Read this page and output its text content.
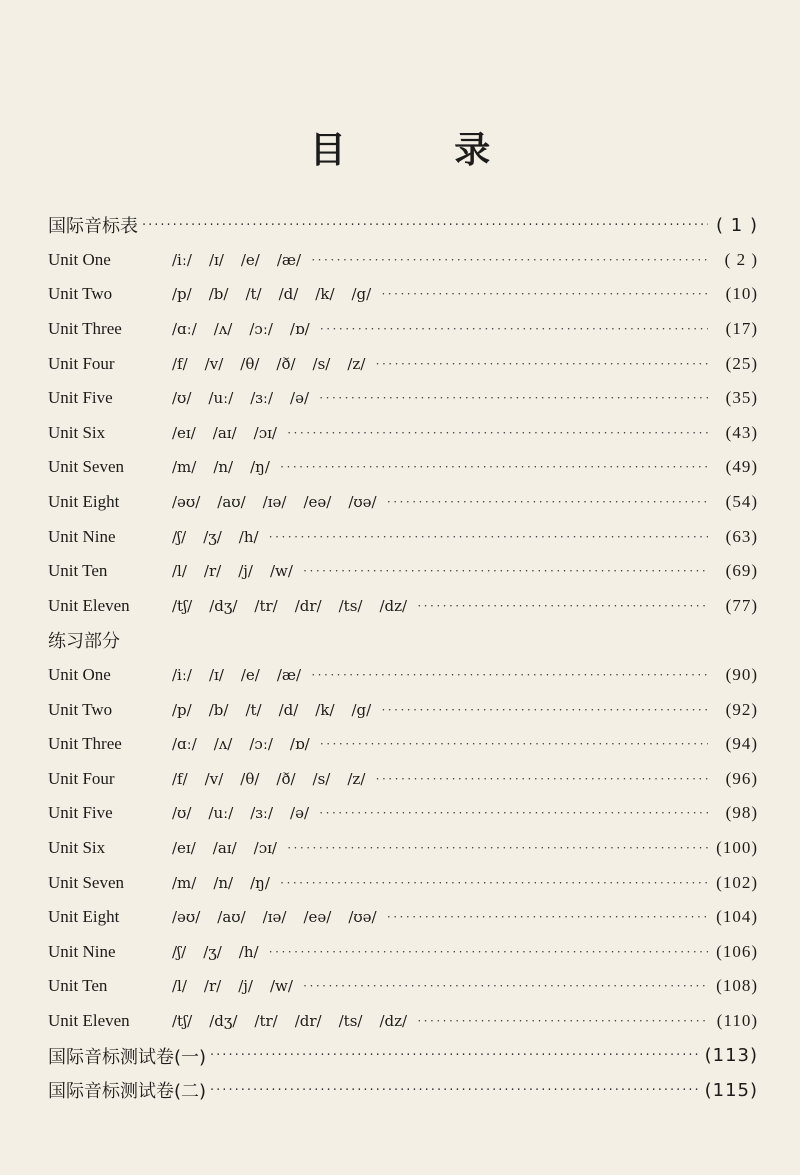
目 录
国际音标表 ·····	( 1 )
Unit One	/iː/ /ɪ/ /e/ /æ/ ·····	( 2 )
Unit Two	/p/ /b/ /t/ /d/ /k/ /g/ ·····	(10)
Unit Three	/ɑː/ /ʌ/ /ɔː/ /ɒ/ ·····	(17)
Unit Four	/f/ /v/ /θ/ /ð/ /s/ /z/ ·····	(25)
Unit Five	/ʊ/ /uː/ /ɜː/ /ə/ ·····	(35)
Unit Six	/eɪ/ /aɪ/ /ɔɪ/ ·····	(43)
Unit Seven	/m/ /n/ /ŋ/ ·····	(49)
Unit Eight	/əʊ/ /aʊ/ /ɪə/ /eə/ /ʊə/ ·····	(54)
Unit Nine	/ʃ/ /ʒ/ /h/ ·····	(63)
Unit Ten	/l/ /r/ /j/ /w/ ·····	(69)
Unit Eleven	/tʃ/ /dʒ/ /tr/ /dr/ /ts/ /dz/ ·····	(77)
练习部分
Unit One	/iː/ /ɪ/ /e/ /æ/ ·····	(90)
Unit Two	/p/ /b/ /t/ /d/ /k/ /g/ ·····	(92)
Unit Three	/ɑː/ /ʌ/ /ɔː/ /ɒ/ ·····	(94)
Unit Four	/f/ /v/ /θ/ /ð/ /s/ /z/ ·····	(96)
Unit Five	/ʊ/ /uː/ /ɜː/ /ə/ ·····	(98)
Unit Six	/eɪ/ /aɪ/ /ɔɪ/ ·····	(100)
Unit Seven	/m/ /n/ /ŋ/ ·····	(102)
Unit Eight	/əʊ/ /aʊ/ /ɪə/ /eə/ /ʊə/ ·····	(104)
Unit Nine	/ʃ/ /ʒ/ /h/ ·····	(106)
Unit Ten	/l/ /r/ /j/ /w/ ·····	(108)
Unit Eleven	/tʃ/ /dʒ/ /tr/ /dr/ /ts/ /dz/ ·····	(110)
国际音标测试卷(一) ·····	(113)
国际音标测试卷(二) ·····	(115)
